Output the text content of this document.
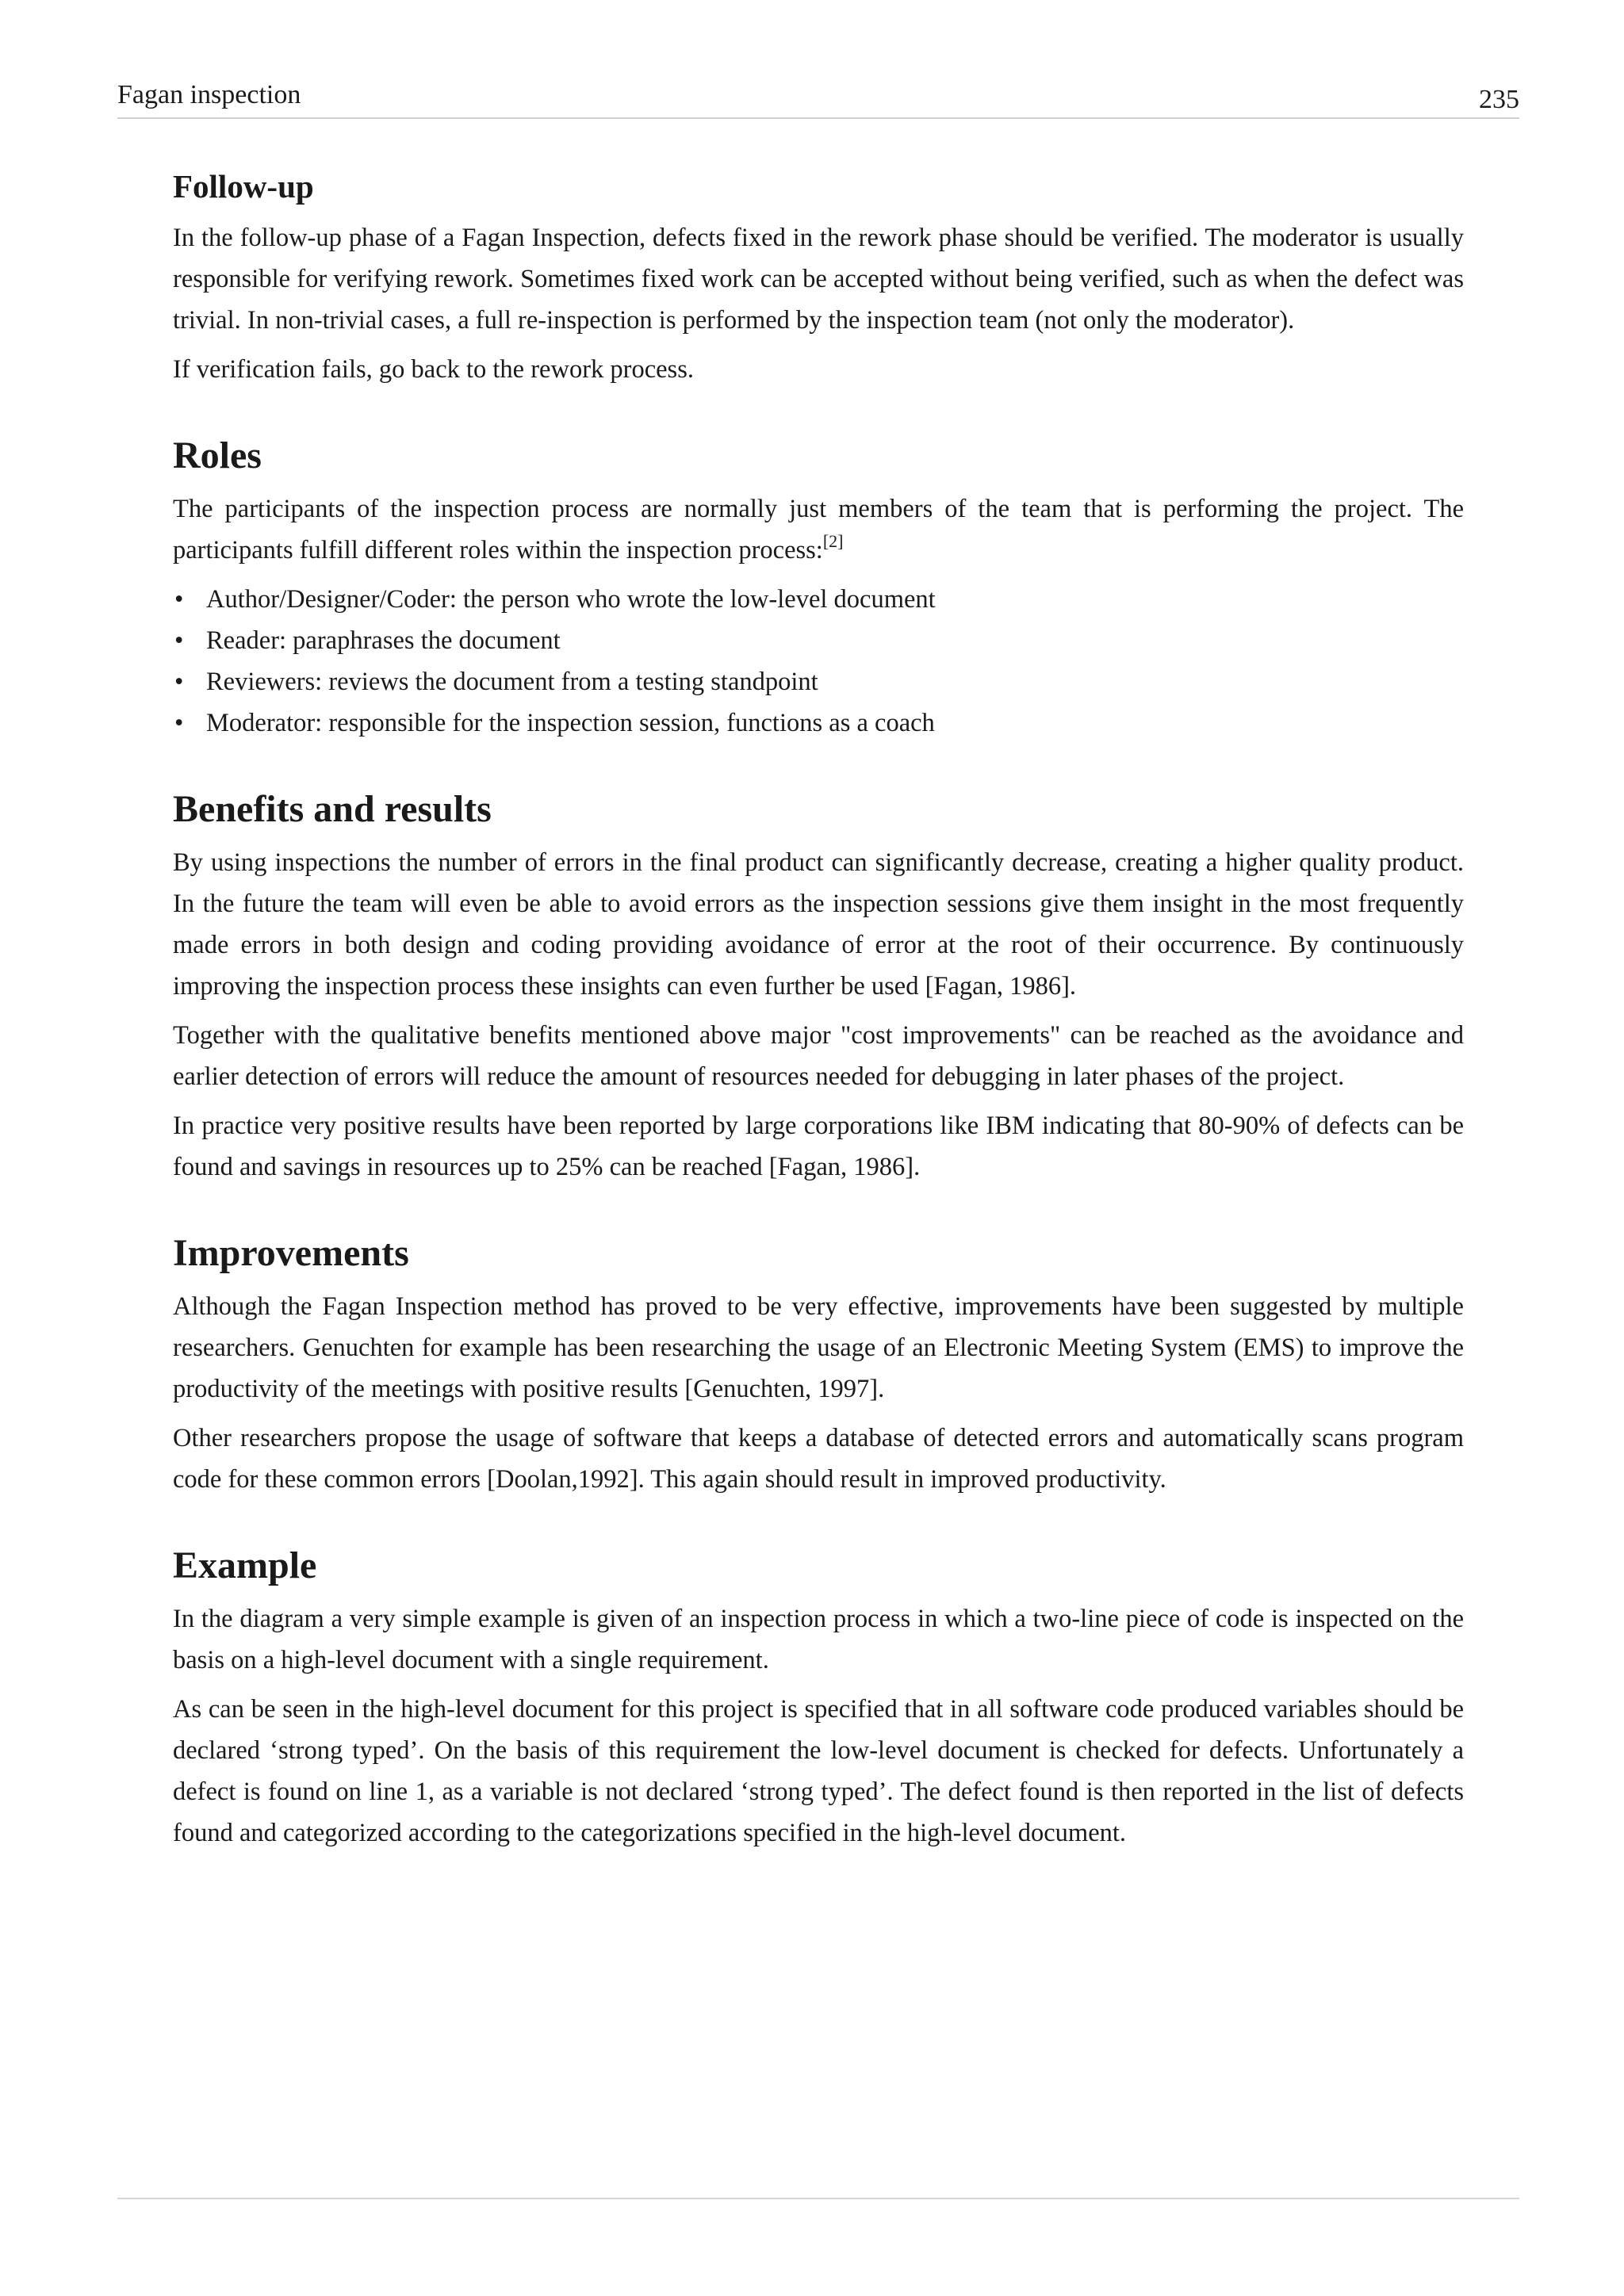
Fagan inspection	235
Follow-up

In the follow-up phase of a Fagan Inspection, defects fixed in the rework phase should be verified. The moderator is usually responsible for verifying rework. Sometimes fixed work can be accepted without being verified, such as when the defect was trivial. In non-trivial cases, a full re-inspection is performed by the inspection team (not only the moderator).

If verification fails, go back to the rework process.

Roles

The participants of the inspection process are normally just members of the team that is performing the project. The participants fulfill different roles within the inspection process:[2]

• Author/Designer/Coder: the person who wrote the low-level document
• Reader: paraphrases the document
• Reviewers: reviews the document from a testing standpoint
• Moderator: responsible for the inspection session, functions as a coach
Benefits and results

By using inspections the number of errors in the final product can significantly decrease, creating a higher quality product. In the future the team will even be able to avoid errors as the inspection sessions give them insight in the most frequently made errors in both design and coding providing avoidance of error at the root of their occurrence. By continuously improving the inspection process these insights can even further be used [Fagan, 1986].

Together with the qualitative benefits mentioned above major "cost improvements" can be reached as the avoidance and earlier detection of errors will reduce the amount of resources needed for debugging in later phases of the project.

In practice very positive results have been reported by large corporations like IBM indicating that 80-90% of defects can be found and savings in resources up to 25% can be reached [Fagan, 1986].

Improvements

Although the Fagan Inspection method has proved to be very effective, improvements have been suggested by multiple researchers. Genuchten for example has been researching the usage of an Electronic Meeting System (EMS) to improve the productivity of the meetings with positive results [Genuchten, 1997].

Other researchers propose the usage of software that keeps a database of detected errors and automatically scans program code for these common errors [Doolan,1992]. This again should result in improved productivity.

Example

In the diagram a very simple example is given of an inspection process in which a two-line piece of code is inspected on the basis on a high-level document with a single requirement.

As can be seen in the high-level document for this project is specified that in all software code produced variables should be declared ‘strong typed’. On the basis of this requirement the low-level document is checked for defects. Unfortunately a defect is found on line 1, as a variable is not declared ‘strong typed’. The defect found is then reported in the list of defects found and categorized according to the categorizations specified in the high-level document.
